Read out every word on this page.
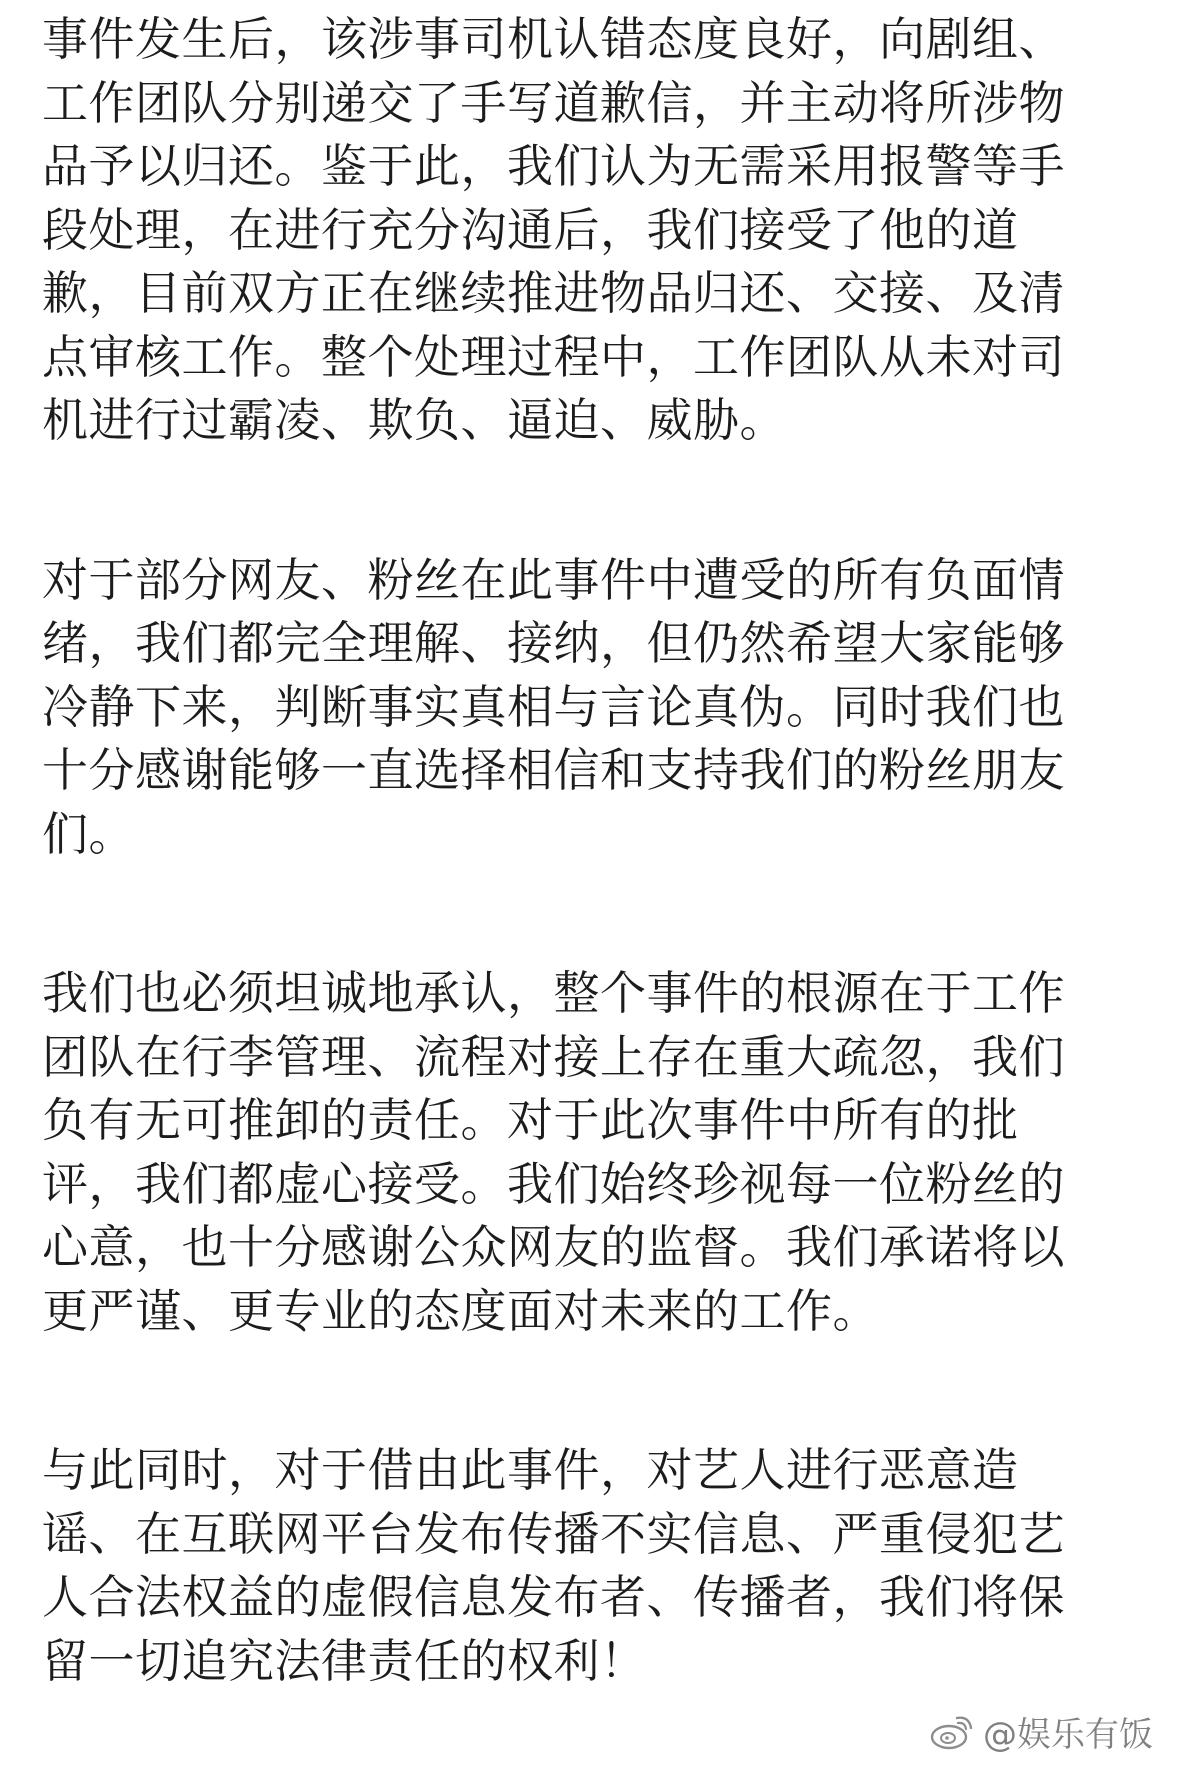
事件发生后，该涉事司机认错态度良好，向剧组、
工作团队分别递交了手写道歉信，并主动将所涉物
品予以归还。鉴于此，我们认为无需采用报警等手
段处理，在进行充分沟通后，我们接受了他的道
歉，目前双方正在继续推进物品归还、交接、及清
点审核工作。整个处理过程中，工作团队从未对司
机进行过霸凌、欺负、逼迫、威胁。
对于部分网友、粉丝在此事件中遭受的所有负面情
绪，我们都完全理解、接纳，但仍然希望大家能够
冷静下来，判断事实真相与言论真伪。同时我们也
十分感谢能够一直选择相信和支持我们的粉丝朋友
们。
我们也必须坦诚地承认，整个事件的根源在于工作
团队在行李管理、流程对接上存在重大疏忽，我们
负有无可推卸的责任。对于此次事件中所有的批
评，我们都虚心接受。我们始终珍视每一位粉丝的
心意，也十分感谢公众网友的监督。我们承诺将以
更严谨、更专业的态度面对未来的工作。
与此同时，对于借由此事件，对艺人进行恶意造
谣、在互联网平台发布传播不实信息、严重侵犯艺
人合法权益的虚假信息发布者、传播者，我们将保
留一切追究法律责任的权利！
@娱乐有饭
